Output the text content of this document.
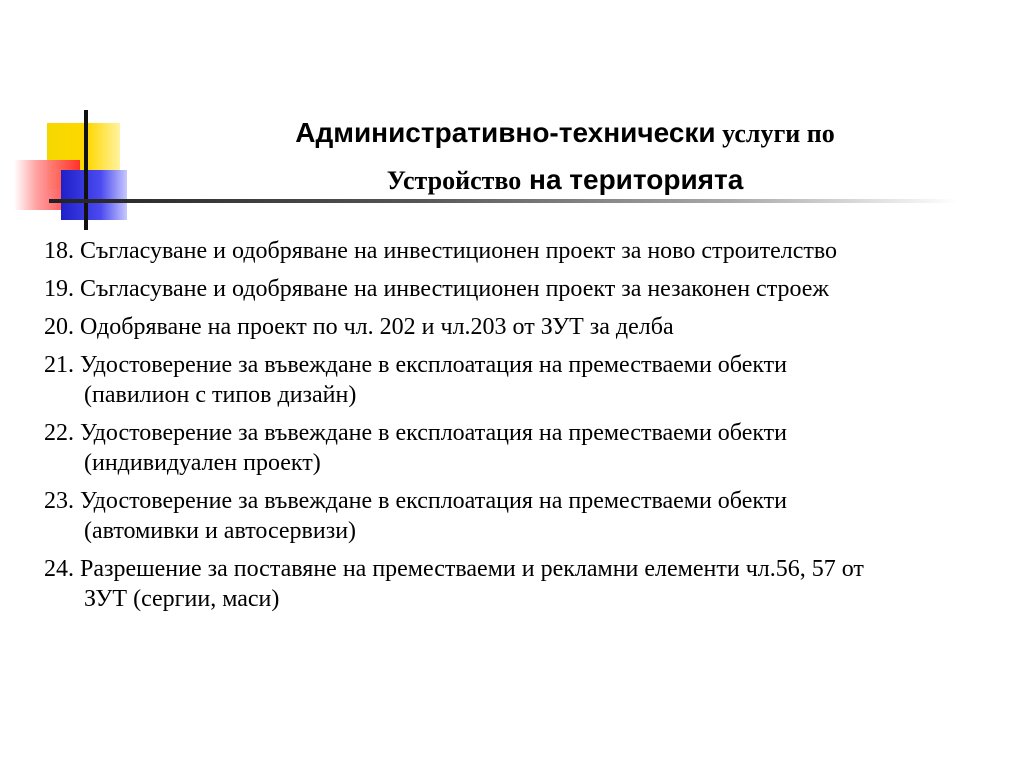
Административно-технически услуги по
Устройство на територията
18. Съгласуване и одобряване на инвестиционен проект за ново строителство
19. Съгласуване и одобряване на инвестиционен проект за незаконен строеж
20. Одобряване на проект по чл. 202 и чл.203 от ЗУТ за делба
21. Удостоверение за въвеждане в експлоатация на преместваеми обекти (павилион с типов дизайн)
22. Удостоверение за въвеждане в експлоатация на преместваеми обекти (индивидуален проект)
23. Удостоверение за въвеждане в експлоатация на преместваеми обекти (автомивки и автосервизи)
24. Разрешение за поставяне на преместваеми и рекламни елементи чл.56, 57 от ЗУТ (сергии, маси)
